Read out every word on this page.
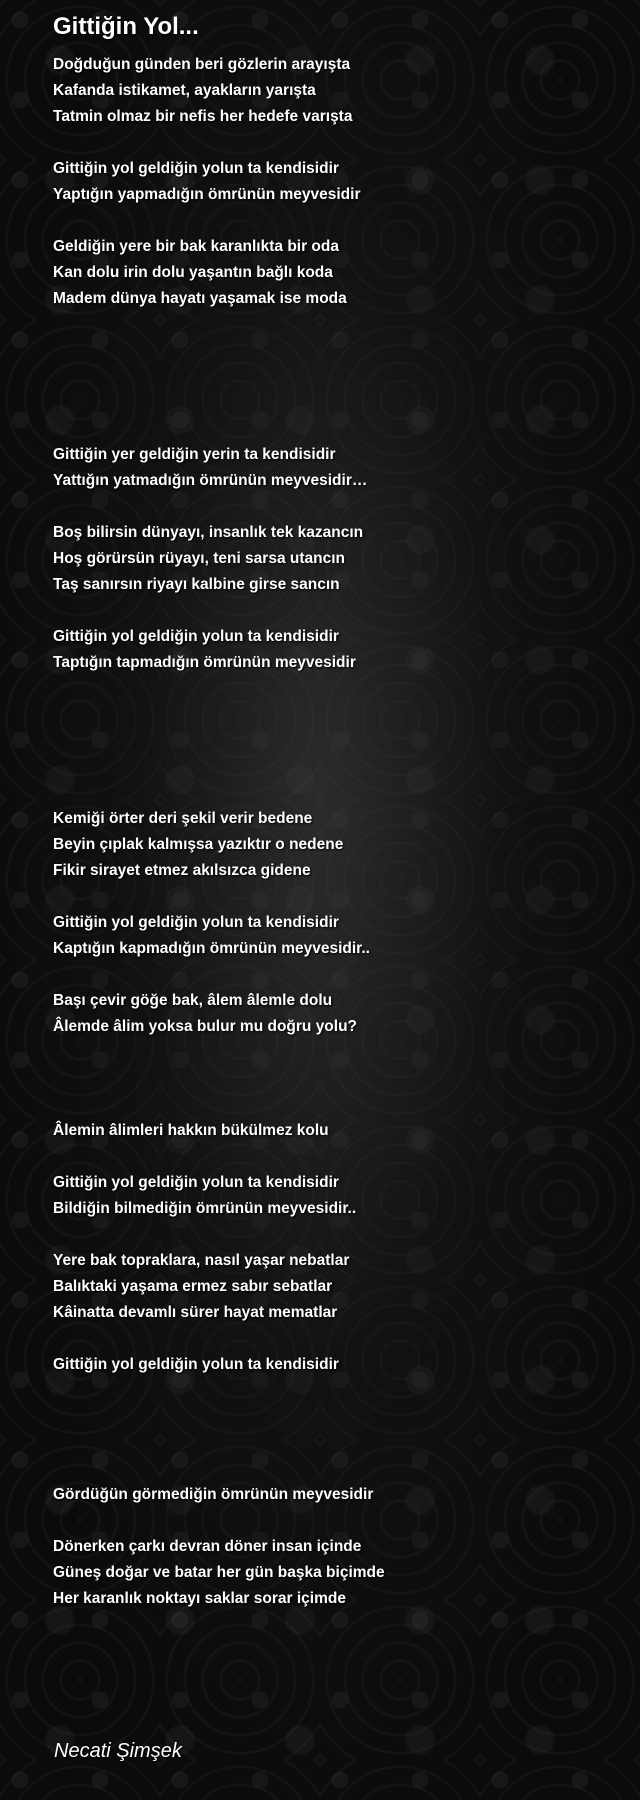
Gittiğin Yol...
Doğduğun günden beri gözlerin arayışta
Kafanda istikamet, ayakların yarışta
Tatmin olmaz bir nefis her hedefe varışta
Gittiğin yol geldiğin yolun ta kendisidir
Yaptığın yapmadığın ömrünün meyvesidir
Geldiğin yere bir bak karanlıkta bir oda
Kan dolu irin dolu yaşantın bağlı koda
Madem dünya hayatı yaşamak ise moda
Gittiğin yer geldiğin yerin ta kendisidir
Yattığın yatmadığın ömrünün meyvesidir…
Boş bilirsin dünyayı, insanlık tek kazancın
Hoş görürsün rüyayı, teni sarsa utancın
Taş sanırsın riyayı kalbine girse sancın
Gittiğin yol geldiğin yolun ta kendisidir
Taptığın tapmadığın ömrünün meyvesidir
Kemiği örter deri şekil verir bedene
Beyin çıplak kalmışsa yazıktır o nedene
Fikir sirayet etmez akılsızca gidene
Gittiğin yol geldiğin yolun ta kendisidir
Kaptığın kapmadığın ömrünün meyvesidir..
Başı çevir göğe bak, âlem âlemle dolu
Âlemde âlim yoksa bulur mu doğru yolu?
Âlemin âlimleri hakkın bükülmez kolu
Gittiğin yol geldiğin yolun ta kendisidir
Bildiğin bilmediğin ömrünün meyvesidir..
Yere bak topraklara, nasıl yaşar nebatlar
Balıktaki yaşama ermez sabır sebatlar
Kâinatta devamlı sürer hayat mematlar
Gittiğin yol geldiğin yolun ta kendisidir
Gördüğün görmediğin ömrünün meyvesidir
Dönerken çarkı devran döner insan içinde
Güneş doğar ve batar her gün başka biçimde
Her karanlık noktayı saklar sorar içimde
Necati Şimşek
